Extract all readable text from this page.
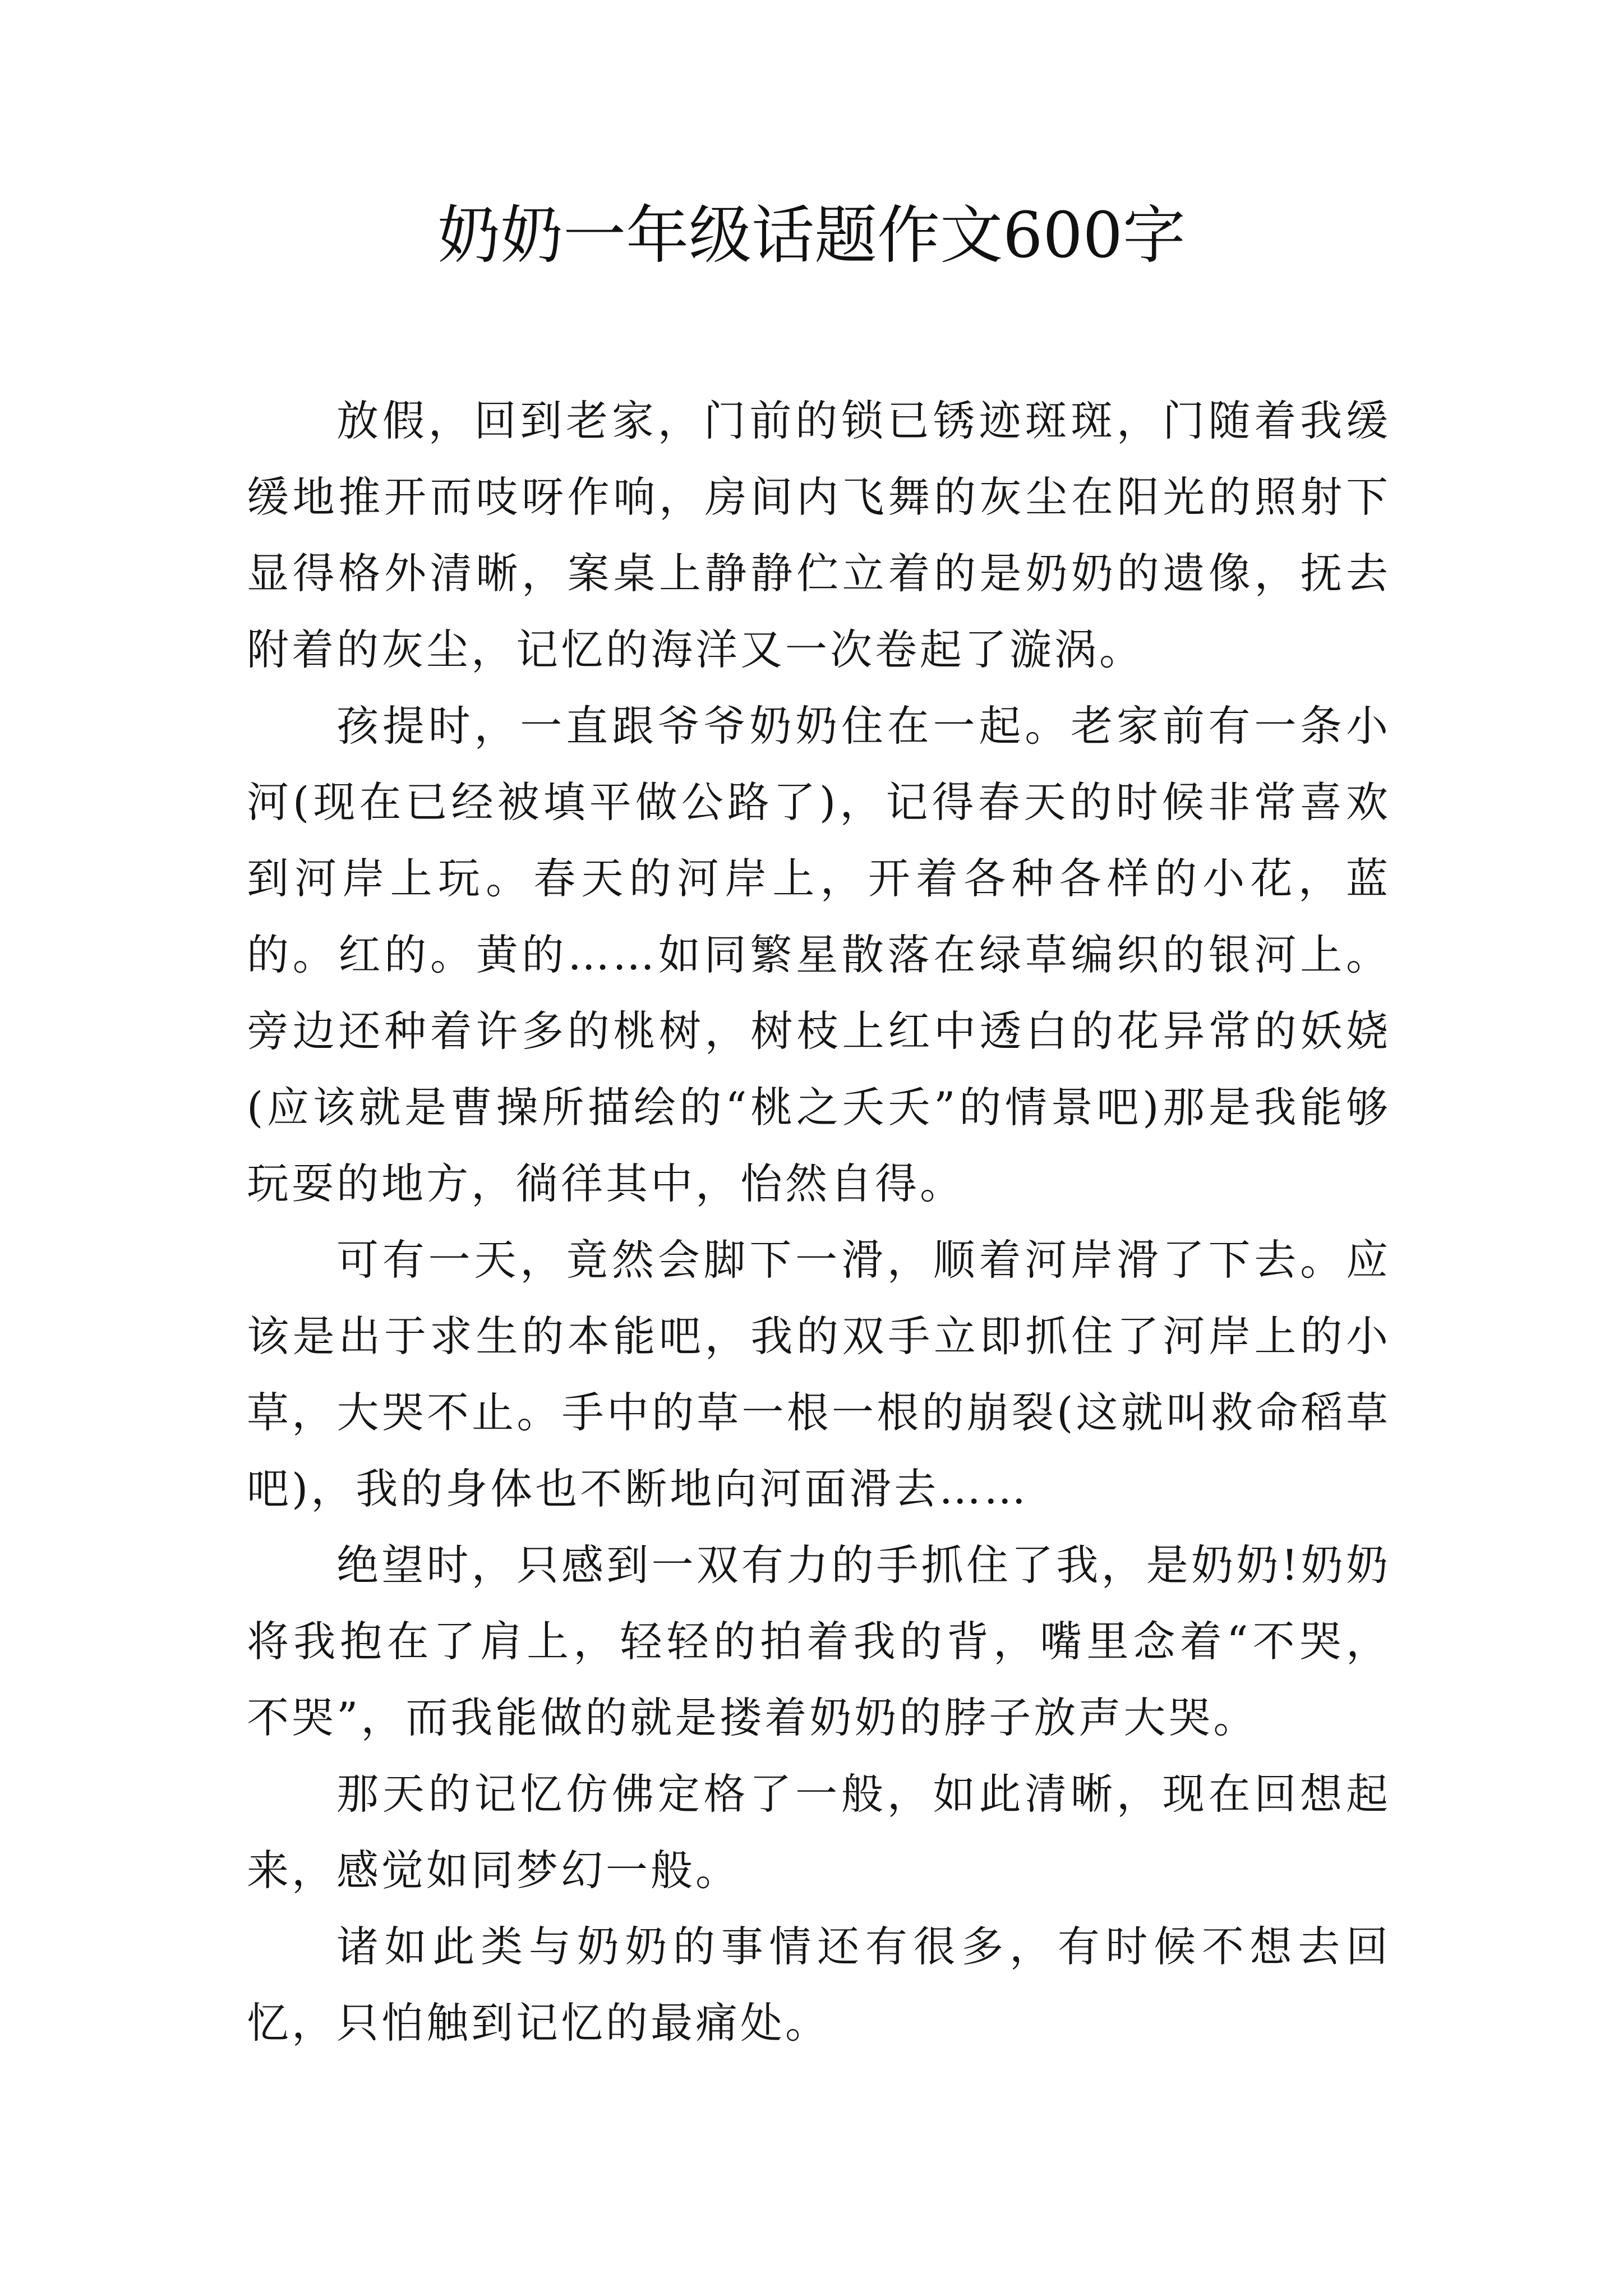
奶奶一年级话题作文600字

放假，回到老家，门前的锁已锈迹斑斑，门随着我缓缓地推开而吱呀作响，房间内飞舞的灰尘在阳光的照射下显得格外清晰，案桌上静静伫立着的是奶奶的遗像，抚去附着的灰尘，记忆的海洋又一次卷起了漩涡。

孩提时，一直跟爷爷奶奶住在一起。老家前有一条小河(现在已经被填平做公路了)，记得春天的时候非常喜欢到河岸上玩。春天的河岸上，开着各种各样的小花，蓝的。红的。黄的……如同繁星散落在绿草编织的银河上。旁边还种着许多的桃树，树枝上红中透白的花异常的妖娆(应该就是曹操所描绘的“桃之夭夭”的情景吧)那是我能够玩耍的地方，徜徉其中，怡然自得。

可有一天，竟然会脚下一滑，顺着河岸滑了下去。应该是出于求生的本能吧，我的双手立即抓住了河岸上的小草，大哭不止。手中的草一根一根的崩裂(这就叫救命稻草吧)，我的身体也不断地向河面滑去……

绝望时，只感到一双有力的手抓住了我，是奶奶!奶奶将我抱在了肩上，轻轻的拍着我的背，嘴里念着“不哭，不哭”，而我能做的就是搂着奶奶的脖子放声大哭。

那天的记忆仿佛定格了一般，如此清晰，现在回想起来，感觉如同梦幻一般。

诸如此类与奶奶的事情还有很多，有时候不想去回忆，只怕触到记忆的最痛处。
